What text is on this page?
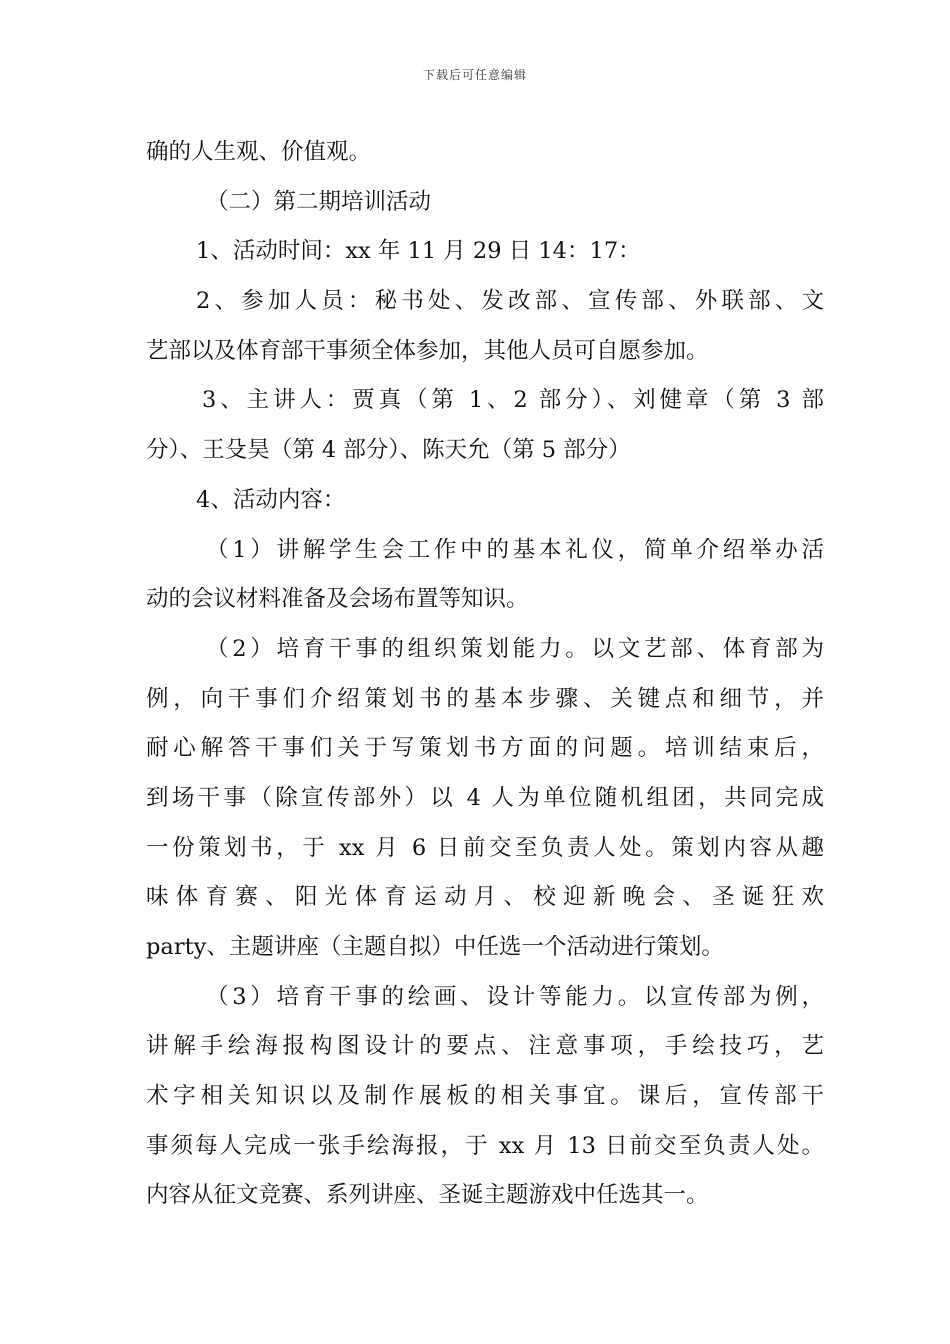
下载后可任意编辑
确的人生观、价值观。
（二）第二期培训活动
1、活动时间：xx 年 11 月 29 日 14：17：
2、参加人员：秘书处、发改部、宣传部、外联部、文
艺部以及体育部干事须全体参加，其他人员可自愿参加。
3、主讲人：贾真（第 1、2 部分）、刘健章（第 3 部
分）、王殳昊（第 4 部分）、陈天允（第 5 部分）
4、活动内容：
（1）讲解学生会工作中的基本礼仪，简单介绍举办活
动的会议材料准备及会场布置等知识。
（2）培育干事的组织策划能力。以文艺部、体育部为
例，向干事们介绍策划书的基本步骤、关键点和细节，并
耐心解答干事们关于写策划书方面的问题。培训结束后，
到场干事（除宣传部外）以 4 人为单位随机组团，共同完成
一份策划书，于 xx 月 6 日前交至负责人处。策划内容从趣
味体育赛、阳光体育运动月、校迎新晚会、圣诞狂欢
party、主题讲座（主题自拟）中任选一个活动进行策划。
（3）培育干事的绘画、设计等能力。以宣传部为例，
讲解手绘海报构图设计的要点、注意事项，手绘技巧，艺
术字相关知识以及制作展板的相关事宜。课后，宣传部干
事须每人完成一张手绘海报，于 xx 月 13 日前交至负责人处。
内容从征文竞赛、系列讲座、圣诞主题游戏中任选其一。
